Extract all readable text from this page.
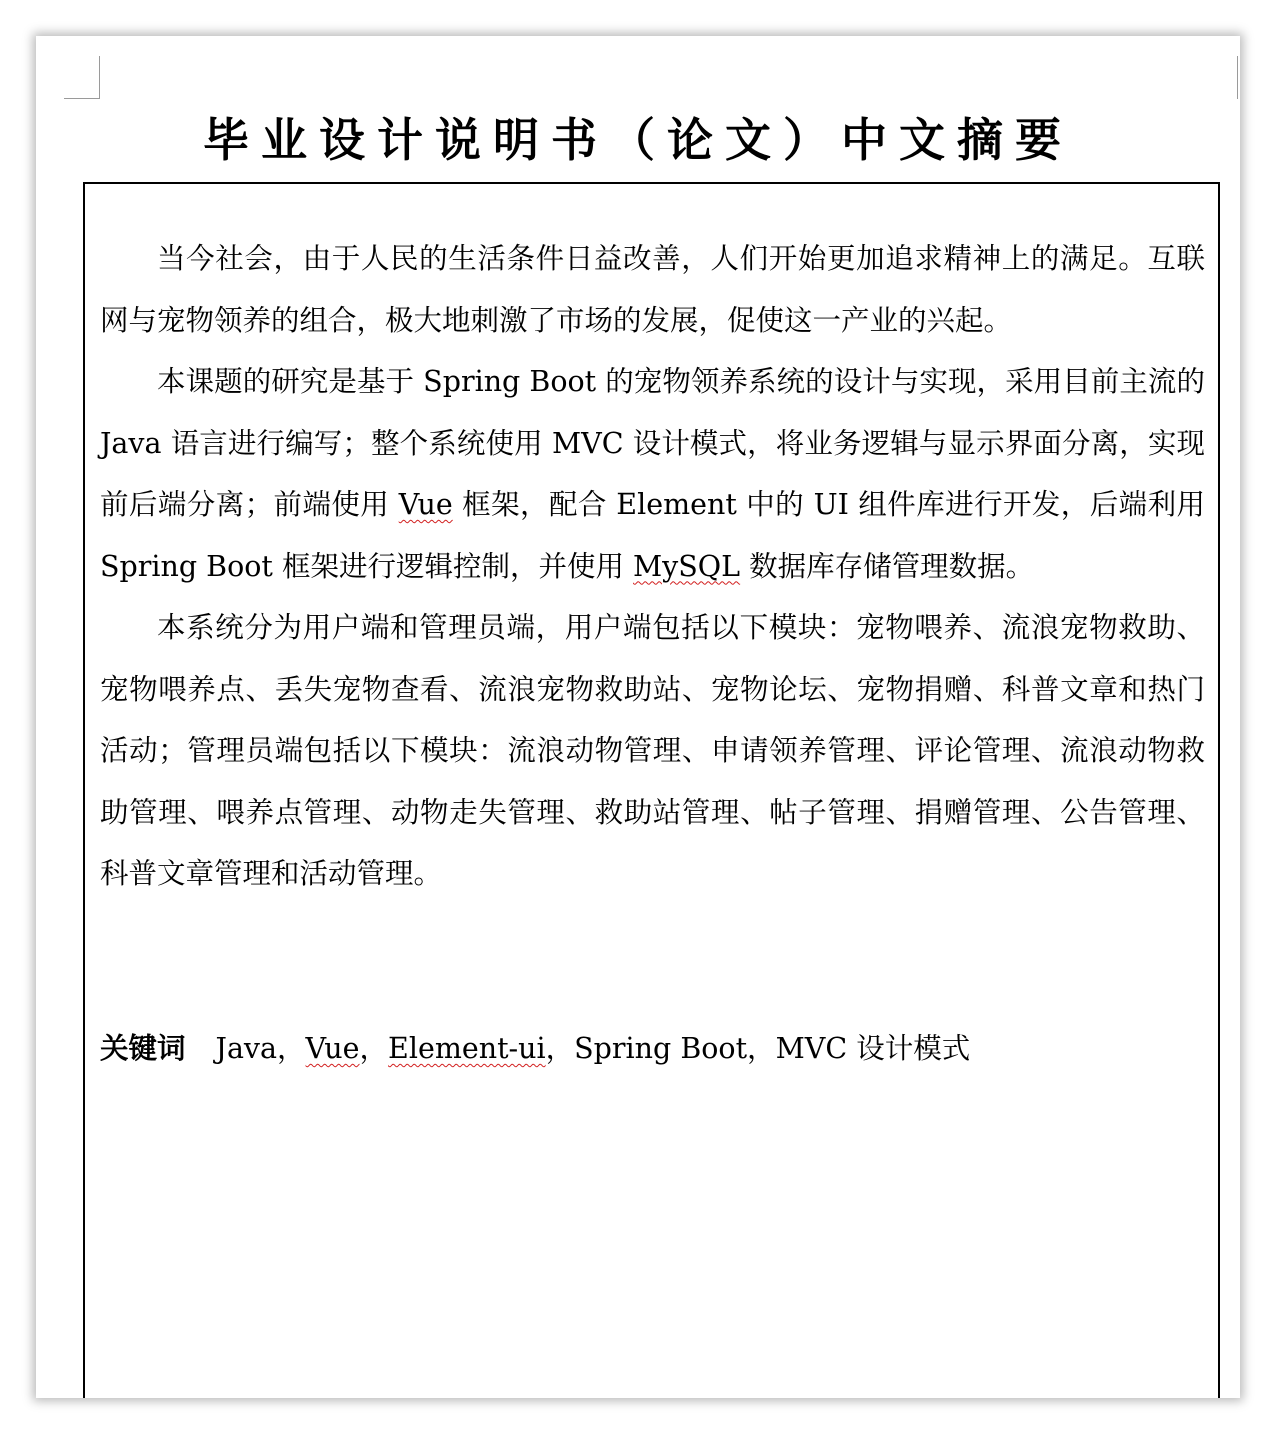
毕业设计说明书（论文）中文摘要

当今社会，由于人民的生活条件日益改善，人们开始更加追求精神上的满足。互联网与宠物领养的组合，极大地刺激了市场的发展，促使这一产业的兴起。

本课题的研究是基于 Spring Boot 的宠物领养系统的设计与实现，采用目前主流的 Java 语言进行编写；整个系统使用 MVC 设计模式，将业务逻辑与显示界面分离，实现前后端分离；前端使用 Vue 框架，配合 Element 中的 UI 组件库进行开发，后端利用 Spring Boot 框架进行逻辑控制，并使用 MySQL 数据库存储管理数据。

本系统分为用户端和管理员端，用户端包括以下模块：宠物喂养、流浪宠物救助、宠物喂养点、丢失宠物查看、流浪宠物救助站、宠物论坛、宠物捐赠、科普文章和热门活动；管理员端包括以下模块：流浪动物管理、申请领养管理、评论管理、流浪动物救助管理、喂养点管理、动物走失管理、救助站管理、帖子管理、捐赠管理、公告管理、科普文章管理和活动管理。

关键词 Java，Vue，Element-ui，Spring Boot，MVC 设计模式
